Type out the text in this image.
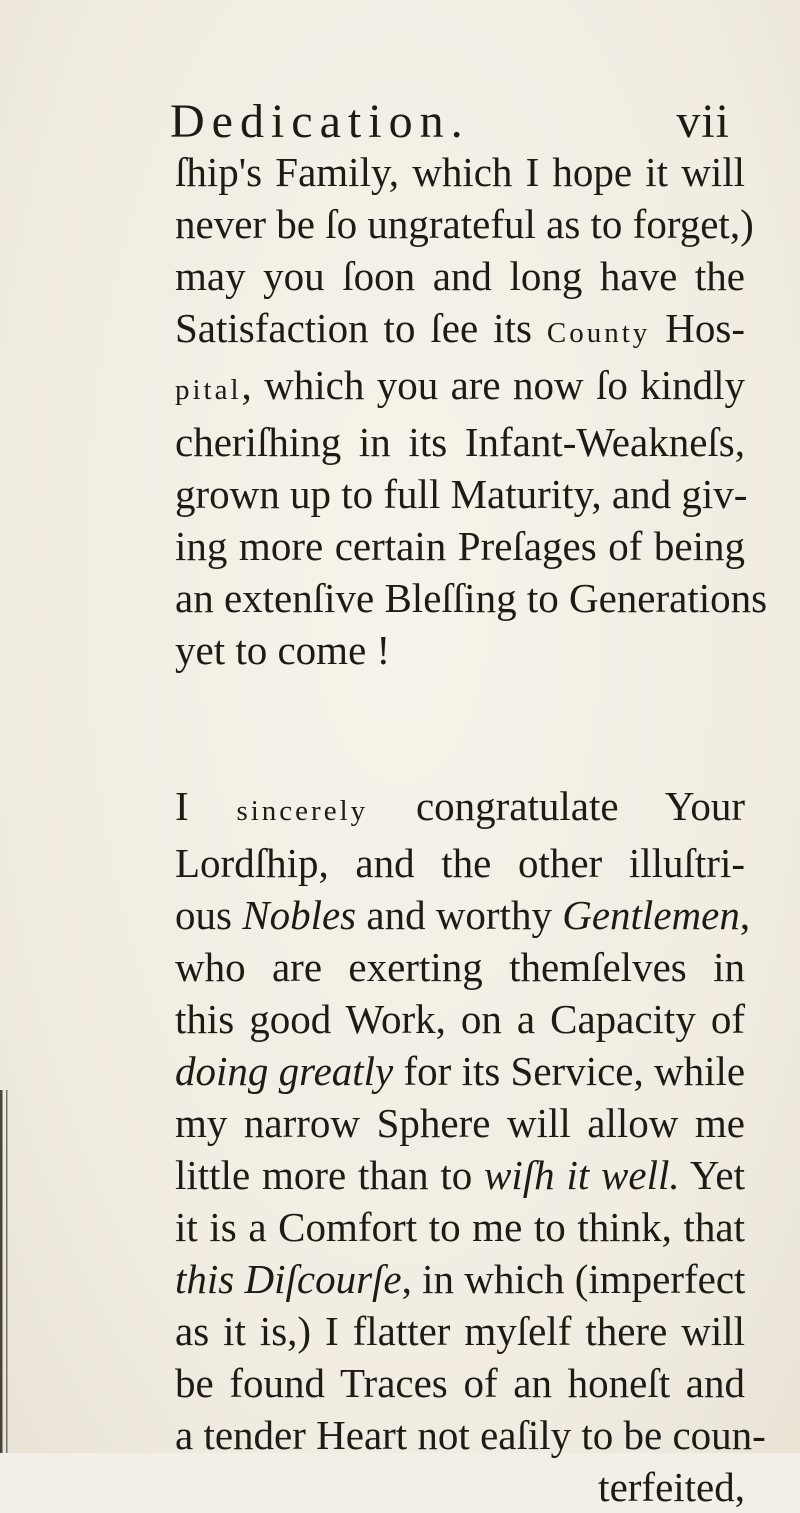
Dedication.	vii
ſhip's Family, which I hope it will
never be ſo ungrateful as to forget,)
may you ſoon and long have the
Satisfaction to ſee its County Hos-
pital, which you are now ſo kindly
cheriſhing in its Infant-Weakneſs,
grown up to full Maturity, and giv-
ing more certain Preſages of being
an extenſive Bleſſing to Generations
yet to come !
I sincerely congratulate Your
Lordſhip, and the other illuſtri-
ous Nobles and worthy Gentlemen,
who are exerting themſelves in
this good Work, on a Capacity of
doing greatly for its Service, while
my narrow Sphere will allow me
little more than to wiſh it well. Yet
it is a Comfort to me to think, that
this Diſcourſe, in which (imperfect
as it is,) I flatter myſelf there will
be found Traces of an honeſt and
a tender Heart not eaſily to be coun-
terfeited,
